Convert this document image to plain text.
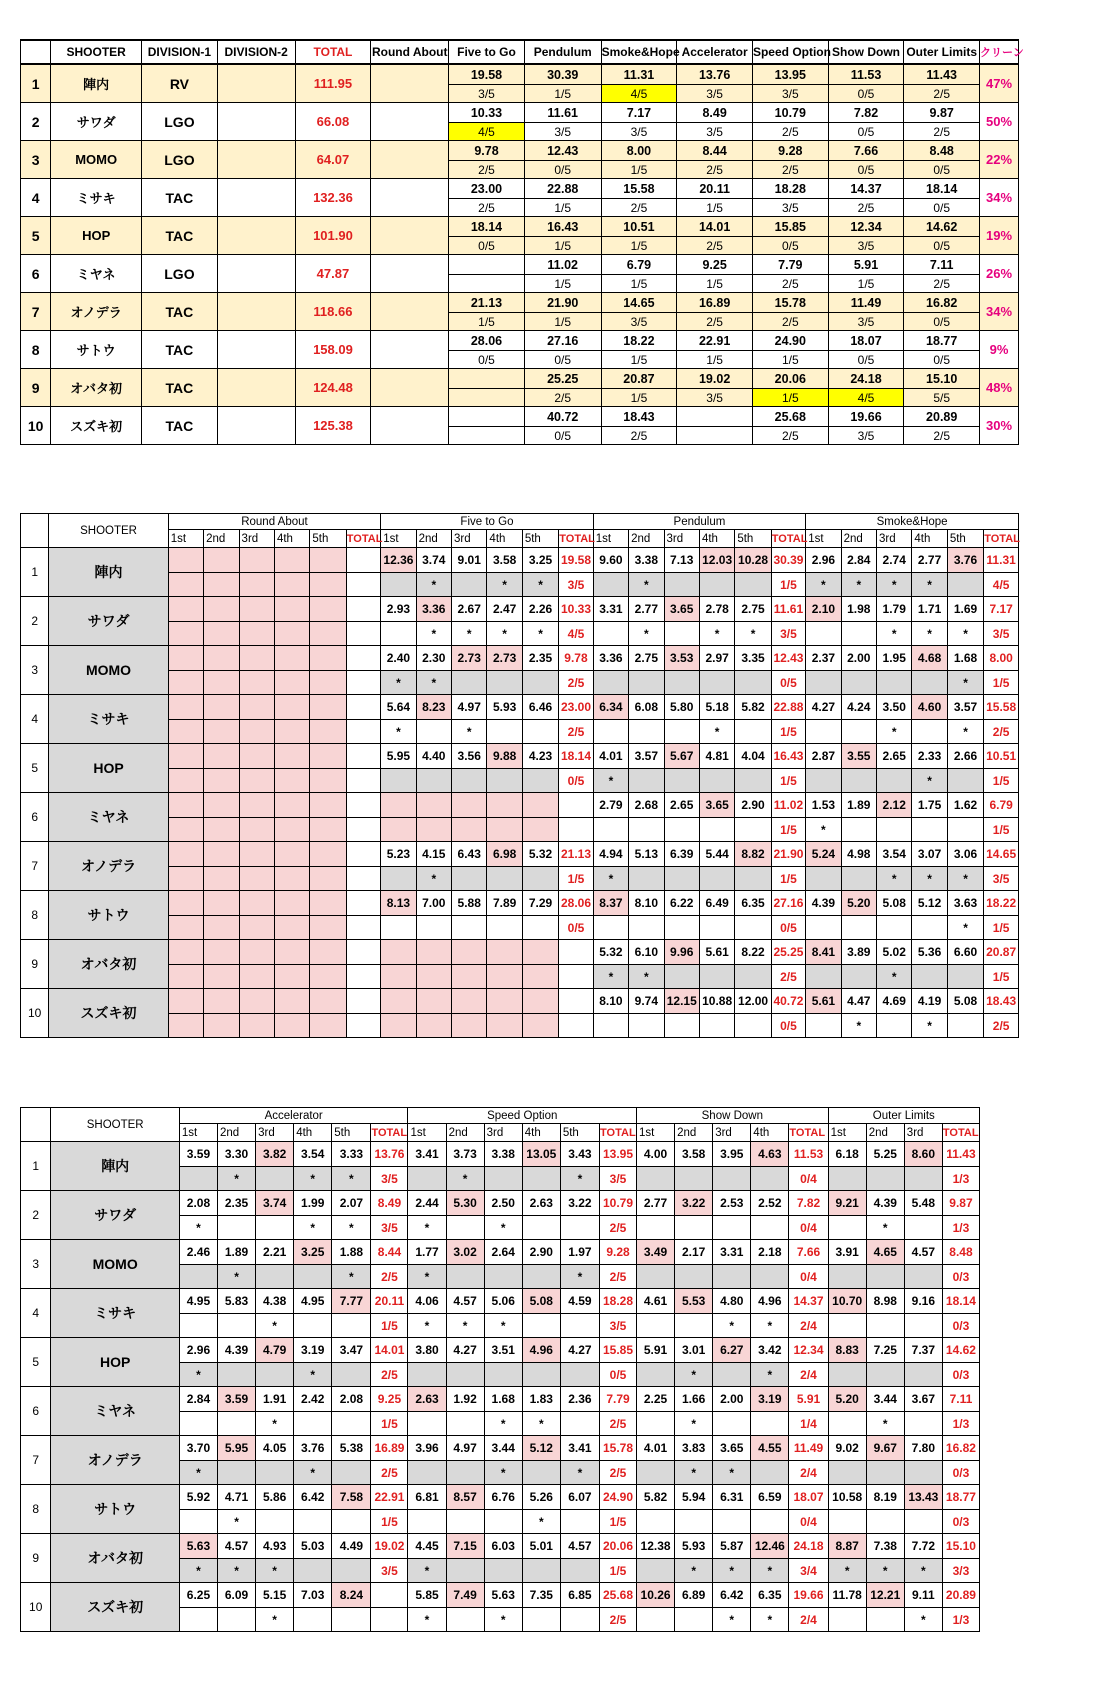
	SHOOTER	DIVISION-1	DIVISION-2	TOTAL	Round About	Five to Go	Pendulum	Smoke&Hope	Accelerator	Speed Option	Show Down	Outer Limits	クリーン
1	陣内	RV		111.95		19.58	30.39	11.31	13.76	13.95	11.53	11.43	47%
						3/5	1/5	4/5	3/5	3/5	0/5	2/5	
2	サワダ	LGO		66.08		10.33	11.61	7.17	8.49	10.79	7.82	9.87	50%
						4/5	3/5	3/5	3/5	2/5	0/5	2/5	
3	MOMO	LGO		64.07		9.78	12.43	8.00	8.44	9.28	7.66	8.48	22%
						2/5	0/5	1/5	2/5	2/5	0/5	0/5	
4	ミサキ	TAC		132.36		23.00	22.88	15.58	20.11	18.28	14.37	18.14	34%
						2/5	1/5	2/5	1/5	3/5	2/5	0/5	
5	HOP	TAC		101.90		18.14	16.43	10.51	14.01	15.85	12.34	14.62	19%
						0/5	1/5	1/5	2/5	0/5	3/5	0/5	
6	ミヤネ	LGO		47.87			11.02	6.79	9.25	7.79	5.91	7.11	26%
							1/5	1/5	1/5	2/5	1/5	2/5	
7	オノデラ	TAC		118.66		21.13	21.90	14.65	16.89	15.78	11.49	16.82	34%
						1/5	1/5	3/5	2/5	2/5	3/5	0/5	
8	サトウ	TAC		158.09		28.06	27.16	18.22	22.91	24.90	18.07	18.77	9%
						0/5	0/5	1/5	1/5	1/5	0/5	0/5	
9	オバタ初	TAC		124.48			25.25	20.87	19.02	20.06	24.18	15.10	48%
							2/5	1/5	3/5	1/5	4/5	5/5	
10	スズキ初	TAC		125.38			40.72	18.43		25.68	19.66	20.89	30%
							0/5	2/5		2/5	3/5	2/5	
	SHOOTER	Round About						Five to Go						Pendulum						Smoke&Hope					
		1st	2nd	3rd	4th	5th	TOTAL	1st	2nd	3rd	4th	5th	TOTAL	1st	2nd	3rd	4th	5th	TOTAL	1st	2nd	3rd	4th	5th	TOTAL
1	陣内							12.36	3.74	9.01	3.58	3.25	19.58	9.60	3.38	7.13	12.03	10.28	30.39	2.96	2.84	2.74	2.77	3.76	11.31
									*		*	*	3/5		*				1/5	*	*	*	*		4/5
2	サワダ							2.93	3.36	2.67	2.47	2.26	10.33	3.31	2.77	3.65	2.78	2.75	11.61	2.10	1.98	1.79	1.71	1.69	7.17
									*	*	*	*	4/5		*		*	*	3/5			*	*	*	3/5
3	MOMO							2.40	2.30	2.73	2.73	2.35	9.78	3.36	2.75	3.53	2.97	3.35	12.43	2.37	2.00	1.95	4.68	1.68	8.00
								*	*				2/5						0/5					*	1/5
4	ミサキ							5.64	8.23	4.97	5.93	6.46	23.00	6.34	6.08	5.80	5.18	5.82	22.88	4.27	4.24	3.50	4.60	3.57	15.58
								*		*			2/5				*		1/5			*		*	2/5
5	HOP							5.95	4.40	3.56	9.88	4.23	18.14	4.01	3.57	5.67	4.81	4.04	16.43	2.87	3.55	2.65	2.33	2.66	10.51
													0/5	*					1/5				*		1/5
6	ミヤネ													2.79	2.68	2.65	3.65	2.90	11.02	1.53	1.89	2.12	1.75	1.62	6.79
																			1/5	*					1/5
7	オノデラ							5.23	4.15	6.43	6.98	5.32	21.13	4.94	5.13	6.39	5.44	8.82	21.90	5.24	4.98	3.54	3.07	3.06	14.65
									*				1/5	*					1/5			*	*	*	3/5
8	サトウ							8.13	7.00	5.88	7.89	7.29	28.06	8.37	8.10	6.22	6.49	6.35	27.16	4.39	5.20	5.08	5.12	3.63	18.22
													0/5						0/5					*	1/5
9	オバタ初													5.32	6.10	9.96	5.61	8.22	25.25	8.41	3.89	5.02	5.36	6.60	20.87
														*	*				2/5			*			1/5
10	スズキ初													8.10	9.74	12.15	10.88	12.00	40.72	5.61	4.47	4.69	4.19	5.08	18.43
																			0/5		*		*		2/5
	SHOOTER	Accelerator						Speed Option						Show Down					Outer Limits			
		1st	2nd	3rd	4th	5th	TOTAL	1st	2nd	3rd	4th	5th	TOTAL	1st	2nd	3rd	4th	TOTAL	1st	2nd	3rd	TOTAL
1	陣内	3.59	3.30	3.82	3.54	3.33	13.76	3.41	3.73	3.38	13.05	3.43	13.95	4.00	3.58	3.95	4.63	11.53	6.18	5.25	8.60	11.43
			*		*	*	3/5		*			*	3/5					0/4				1/3
2	サワダ	2.08	2.35	3.74	1.99	2.07	8.49	2.44	5.30	2.50	2.63	3.22	10.79	2.77	3.22	2.53	2.52	7.82	9.21	4.39	5.48	9.87
		*			*	*	3/5	*		*			2/5					0/4		*		1/3
3	MOMO	2.46	1.89	2.21	3.25	1.88	8.44	1.77	3.02	2.64	2.90	1.97	9.28	3.49	2.17	3.31	2.18	7.66	3.91	4.65	4.57	8.48
			*			*	2/5	*				*	2/5					0/4				0/3
4	ミサキ	4.95	5.83	4.38	4.95	7.77	20.11	4.06	4.57	5.06	5.08	4.59	18.28	4.61	5.53	4.80	4.96	14.37	10.70	8.98	9.16	18.14
				*			1/5	*	*	*			3/5			*	*	2/4				0/3
5	HOP	2.96	4.39	4.79	3.19	3.47	14.01	3.80	4.27	3.51	4.96	4.27	15.85	5.91	3.01	6.27	3.42	12.34	8.83	7.25	7.37	14.62
		*			*		2/5						0/5		*		*	2/4				0/3
6	ミヤネ	2.84	3.59	1.91	2.42	2.08	9.25	2.63	1.92	1.68	1.83	2.36	7.79	2.25	1.66	2.00	3.19	5.91	5.20	3.44	3.67	7.11
				*			1/5			*	*		2/5		*			1/4		*		1/3
7	オノデラ	3.70	5.95	4.05	3.76	5.38	16.89	3.96	4.97	3.44	5.12	3.41	15.78	4.01	3.83	3.65	4.55	11.49	9.02	9.67	7.80	16.82
		*			*		2/5			*		*	2/5		*	*		2/4				0/3
8	サトウ	5.92	4.71	5.86	6.42	7.58	22.91	6.81	8.57	6.76	5.26	6.07	24.90	5.82	5.94	6.31	6.59	18.07	10.58	8.19	13.43	18.77
			*				1/5				*		1/5					0/4				0/3
9	オバタ初	5.63	4.57	4.93	5.03	4.49	19.02	4.45	7.15	6.03	5.01	4.57	20.06	12.38	5.93	5.87	12.46	24.18	8.87	7.38	7.72	15.10
		*	*	*			3/5	*					1/5		*	*	*	3/4	*	*	*	3/3
10	スズキ初	6.25	6.09	5.15	7.03	8.24		5.85	7.49	5.63	7.35	6.85	25.68	10.26	6.89	6.42	6.35	19.66	11.78	12.21	9.11	20.89
				*				*		*			2/5			*	*	2/4			*	1/3
